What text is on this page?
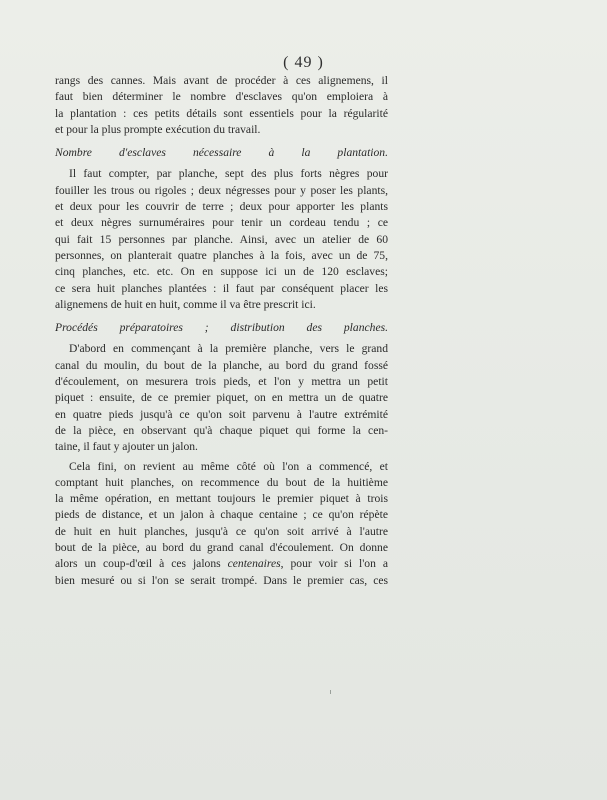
( 49 )
rangs des cannes. Mais avant de procéder à ces alignemens, il
faut bien déterminer le nombre d'esclaves qu'on emploiera à
la plantation : ces petits détails sont essentiels pour la régularité
et pour la plus prompte exécution du travail.
Nombre d'esclaves nécessaire à la plantation.
Il faut compter, par planche, sept des plus forts nègres pour
fouiller les trous ou rigoles ; deux négresses pour y poser les plants,
et deux pour les couvrir de terre ; deux pour apporter les plants
et deux nègres surnuméraires pour tenir un cordeau tendu ; ce
qui fait 15 personnes par planche. Ainsi, avec un atelier de 60
personnes, on planterait quatre planches à la fois, avec un de 75,
cinq planches, etc. etc. On en suppose ici un de 120 esclaves;
ce sera huit planches plantées : il faut par conséquent placer les
alignemens de huit en huit, comme il va être prescrit ici.
Procédés préparatoires ; distribution des planches.
D'abord en commençant à la première planche, vers le grand
canal du moulin, du bout de la planche, au bord du grand fossé
d'écoulement, on mesurera trois pieds, et l'on y mettra un petit
piquet : ensuite, de ce premier piquet, on en mettra un de quatre
en quatre pieds jusqu'à ce qu'on soit parvenu à l'autre extrémité
de la pièce, en observant qu'à chaque piquet qui forme la cen-
taine, il faut y ajouter un jalon.
Cela fini, on revient au même côté où l'on a commencé, et
comptant huit planches, on recommence du bout de la huitième
la même opération, en mettant toujours le premier piquet à trois
pieds de distance, et un jalon à chaque centaine ; ce qu'on répète
de huit en huit planches, jusqu'à ce qu'on soit arrivé à l'autre
bout de la pièce, au bord du grand canal d'écoulement. On donne
alors un coup-d'œil à ces jalons centenaires, pour voir si l'on a
bien mesuré ou si l'on se serait trompé. Dans le premier cas, ces
